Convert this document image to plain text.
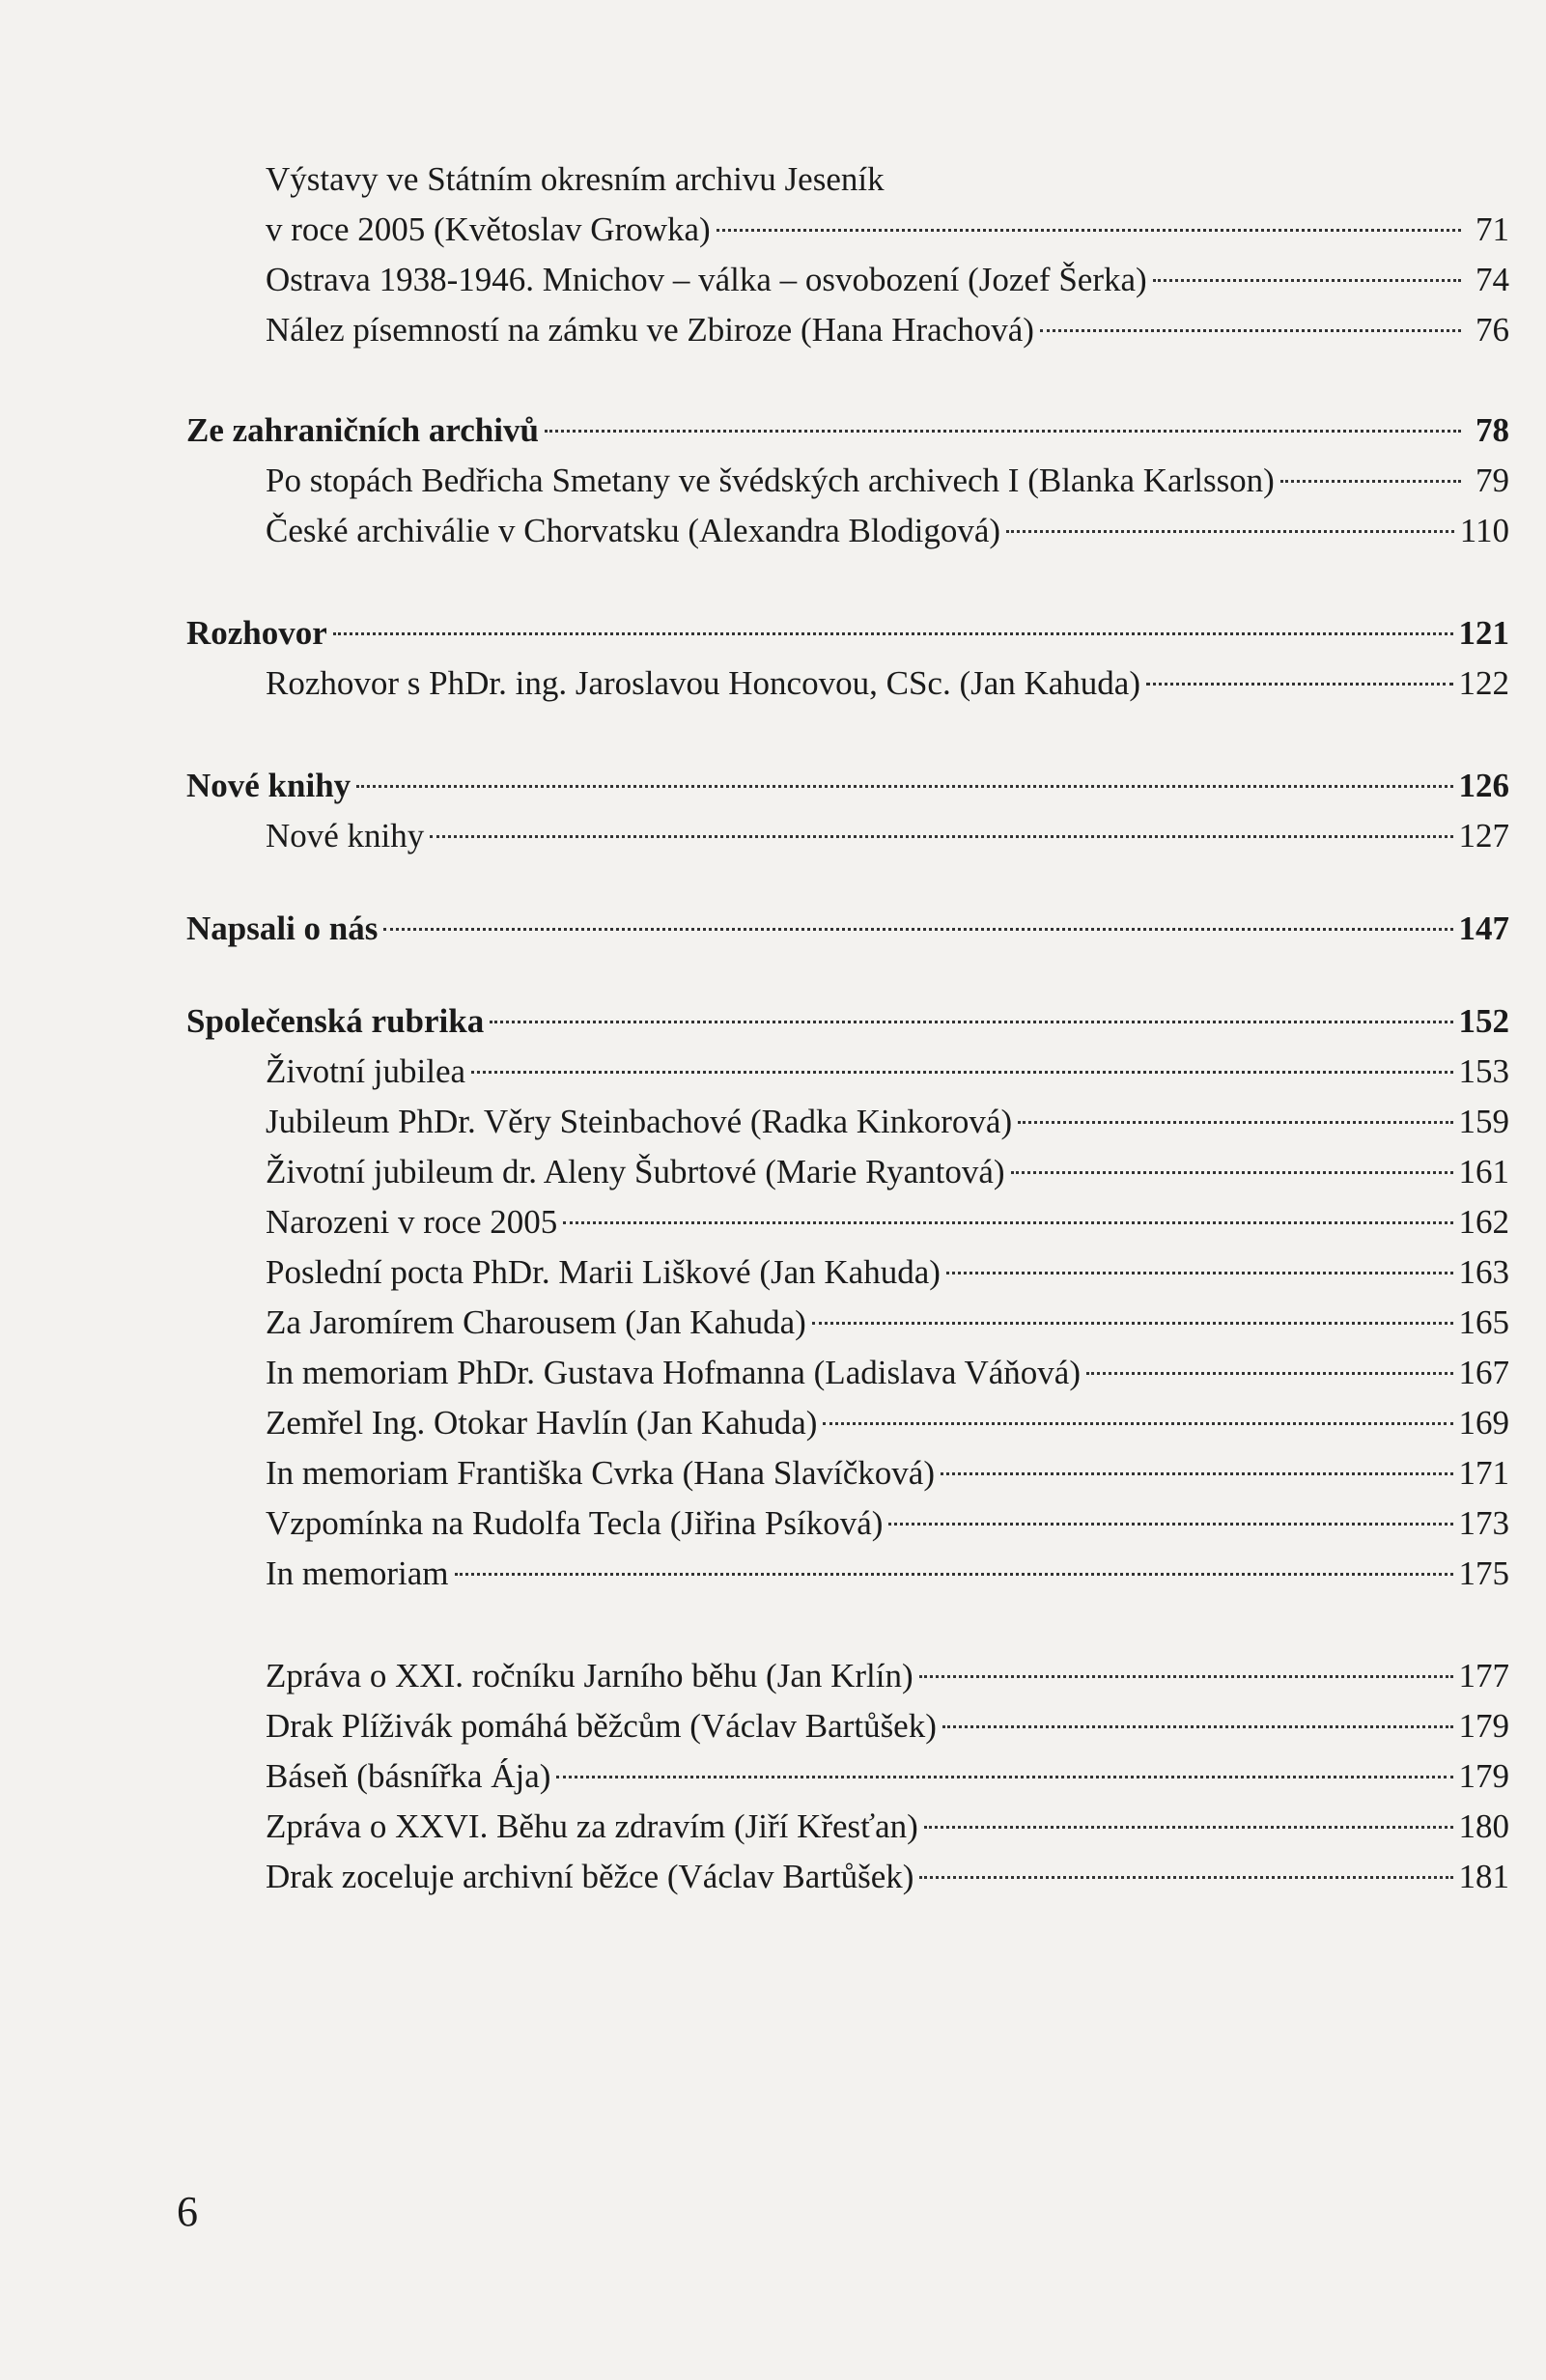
Výstavy ve Státním okresním archivu Jeseník
v roce 2005 (Květoslav Growka)	71
Ostrava 1938-1946. Mnichov – válka – osvobození (Jozef Šerka)	74
Nález písemností na zámku ve Zbiroze (Hana Hrachová)	76
Ze zahraničních archivů	78
Po stopách Bedřicha Smetany ve švédských archivech I (Blanka Karlsson)	79
České archiválie v Chorvatsku (Alexandra Blodigová)	110
Rozhovor	121
Rozhovor s PhDr. ing. Jaroslavou Honcovou, CSc. (Jan Kahuda)	122
Nové knihy	126
Nové knihy	127
Napsali o nás	147
Společenská rubrika	152
Životní jubilea	153
Jubileum PhDr. Věry Steinbachové (Radka Kinkorová)	159
Životní jubileum dr. Aleny Šubrtové (Marie Ryantová)	161
Narozeni v roce 2005	162
Poslední pocta PhDr. Marii Liškové (Jan Kahuda)	163
Za Jaromírem Charousem (Jan Kahuda)	165
In memoriam PhDr. Gustava Hofmanna (Ladislava Váňová)	167
Zemřel Ing. Otokar Havlín (Jan Kahuda)	169
In memoriam Františka Cvrka (Hana Slavíčková)	171
Vzpomínka na Rudolfa Tecla (Jiřina Psíková)	173
In memoriam	175
Zpráva o XXI. ročníku Jarního běhu (Jan Krlín)	177
Drak Plíživák pomáhá běžcům (Václav Bartůšek)	179
Báseň (básnířka Ája)	179
Zpráva o XXVI. Běhu za zdravím (Jiří Křesťan)	180
Drak zoceluje archivní běžce (Václav Bartůšek)	181
6
